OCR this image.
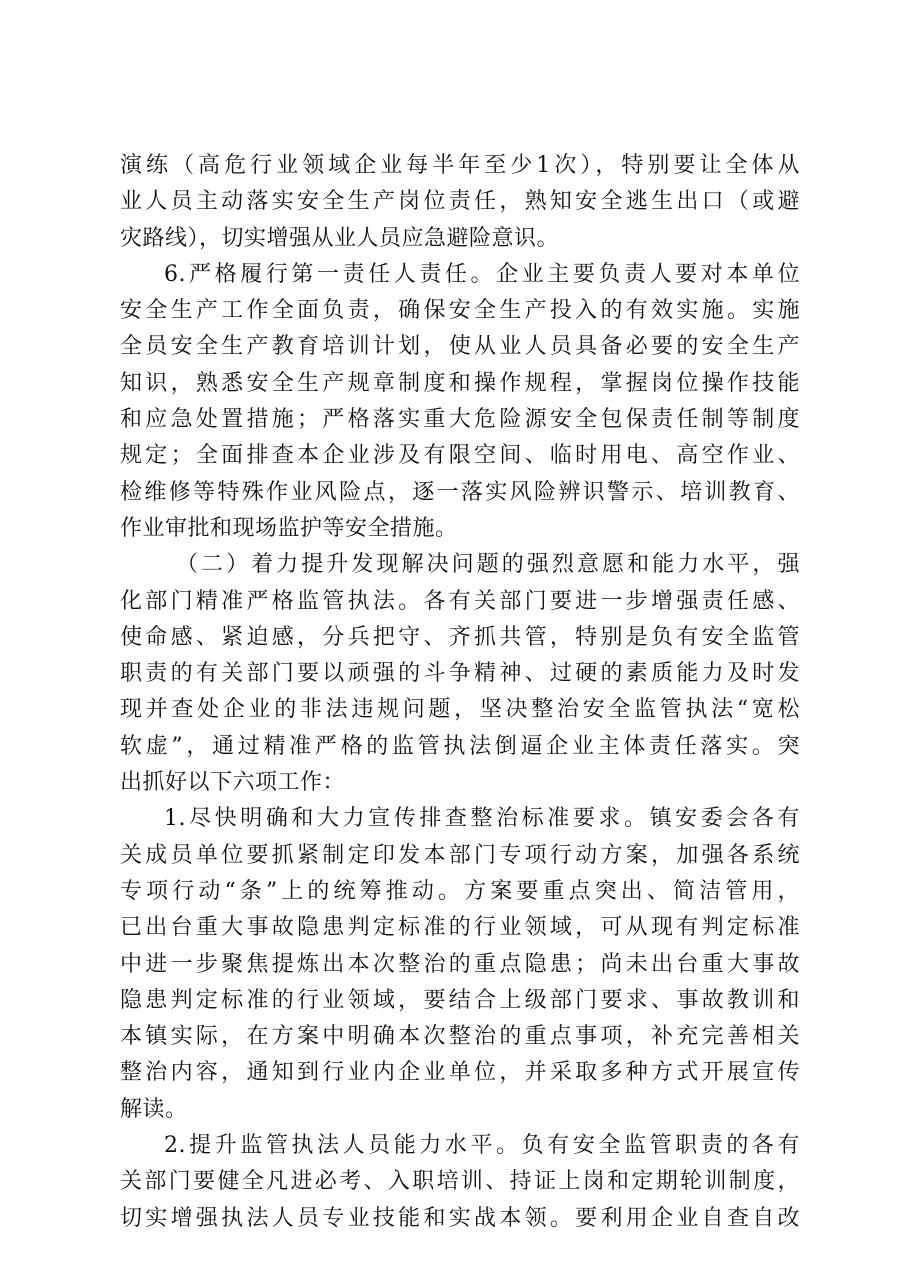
演练（高危行业领域企业每半年至少1次），特别要让全体从
业人员主动落实安全生产岗位责任，熟知安全逃生出口（或避
灾路线），切实增强从业人员应急避险意识。
6.严格履行第一责任人责任。企业主要负责人要对本单位
安全生产工作全面负责，确保安全生产投入的有效实施。实施
全员安全生产教育培训计划，使从业人员具备必要的安全生产
知识，熟悉安全生产规章制度和操作规程，掌握岗位操作技能
和应急处置措施；严格落实重大危险源安全包保责任制等制度
规定；全面排查本企业涉及有限空间、临时用电、高空作业、
检维修等特殊作业风险点，逐一落实风险辨识警示、培训教育、
作业审批和现场监护等安全措施。
（二）着力提升发现解决问题的强烈意愿和能力水平，强
化部门精准严格监管执法。各有关部门要进一步增强责任感、
使命感、紧迫感，分兵把守、齐抓共管，特别是负有安全监管
职责的有关部门要以顽强的斗争精神、过硬的素质能力及时发
现并查处企业的非法违规问题，坚决整治安全监管执法“宽松
软虚”，通过精准严格的监管执法倒逼企业主体责任落实。突
出抓好以下六项工作：
1.尽快明确和大力宣传排查整治标准要求。镇安委会各有
关成员单位要抓紧制定印发本部门专项行动方案，加强各系统
专项行动“条”上的统筹推动。方案要重点突出、简洁管用，
已出台重大事故隐患判定标准的行业领域，可从现有判定标准
中进一步聚焦提炼出本次整治的重点隐患；尚未出台重大事故
隐患判定标准的行业领域，要结合上级部门要求、事故教训和
本镇实际，在方案中明确本次整治的重点事项，补充完善相关
整治内容，通知到行业内企业单位，并采取多种方式开展宣传
解读。
2.提升监管执法人员能力水平。负有安全监管职责的各有
关部门要健全凡进必考、入职培训、持证上岗和定期轮训制度，
切实增强执法人员专业技能和实战本领。要利用企业自查自改
